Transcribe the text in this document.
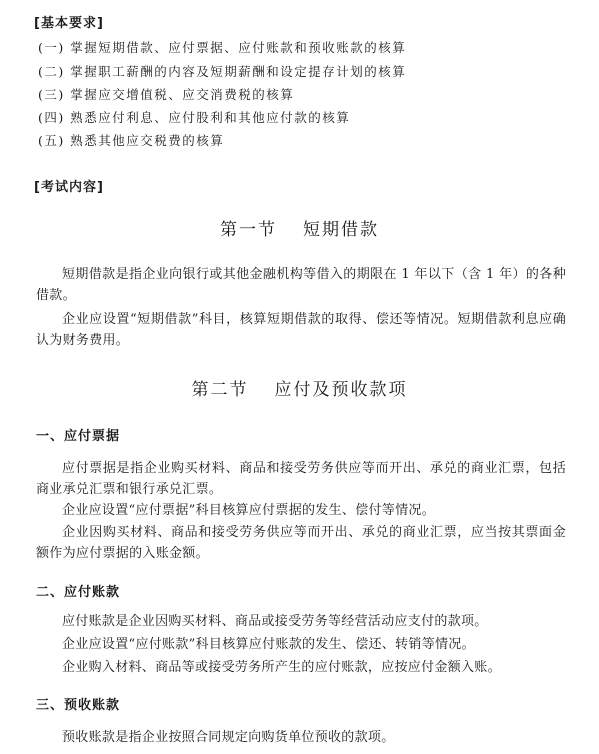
[基本要求]
(一) 掌握短期借款、应付票据、应付账款和预收账款的核算
(二) 掌握职工薪酬的内容及短期薪酬和设定提存计划的核算
(三) 掌握应交增值税、应交消费税的核算
(四) 熟悉应付利息、应付股利和其他应付款的核算
(五) 熟悉其他应交税费的核算
[考试内容]
第一节 短期借款
短期借款是指企业向银行或其他金融机构等借入的期限在 1 年以下（含 1 年）的各种借款。
企业应设置“短期借款”科目，核算短期借款的取得、偿还等情况。短期借款利息应确认为财务费用。
第二节 应付及预收款项
一、应付票据
应付票据是指企业购买材料、商品和接受劳务供应等而开出、承兑的商业汇票，包括商业承兑汇票和银行承兑汇票。
企业应设置“应付票据”科目核算应付票据的发生、偿付等情况。
企业因购买材料、商品和接受劳务供应等而开出、承兑的商业汇票，应当按其票面金额作为应付票据的入账金额。
二、应付账款
应付账款是企业因购买材料、商品或接受劳务等经营活动应支付的款项。
企业应设置“应付账款”科目核算应付账款的发生、偿还、转销等情况。
企业购入材料、商品等或接受劳务所产生的应付账款，应按应付金额入账。
三、预收账款
预收账款是指企业按照合同规定向购货单位预收的款项。
